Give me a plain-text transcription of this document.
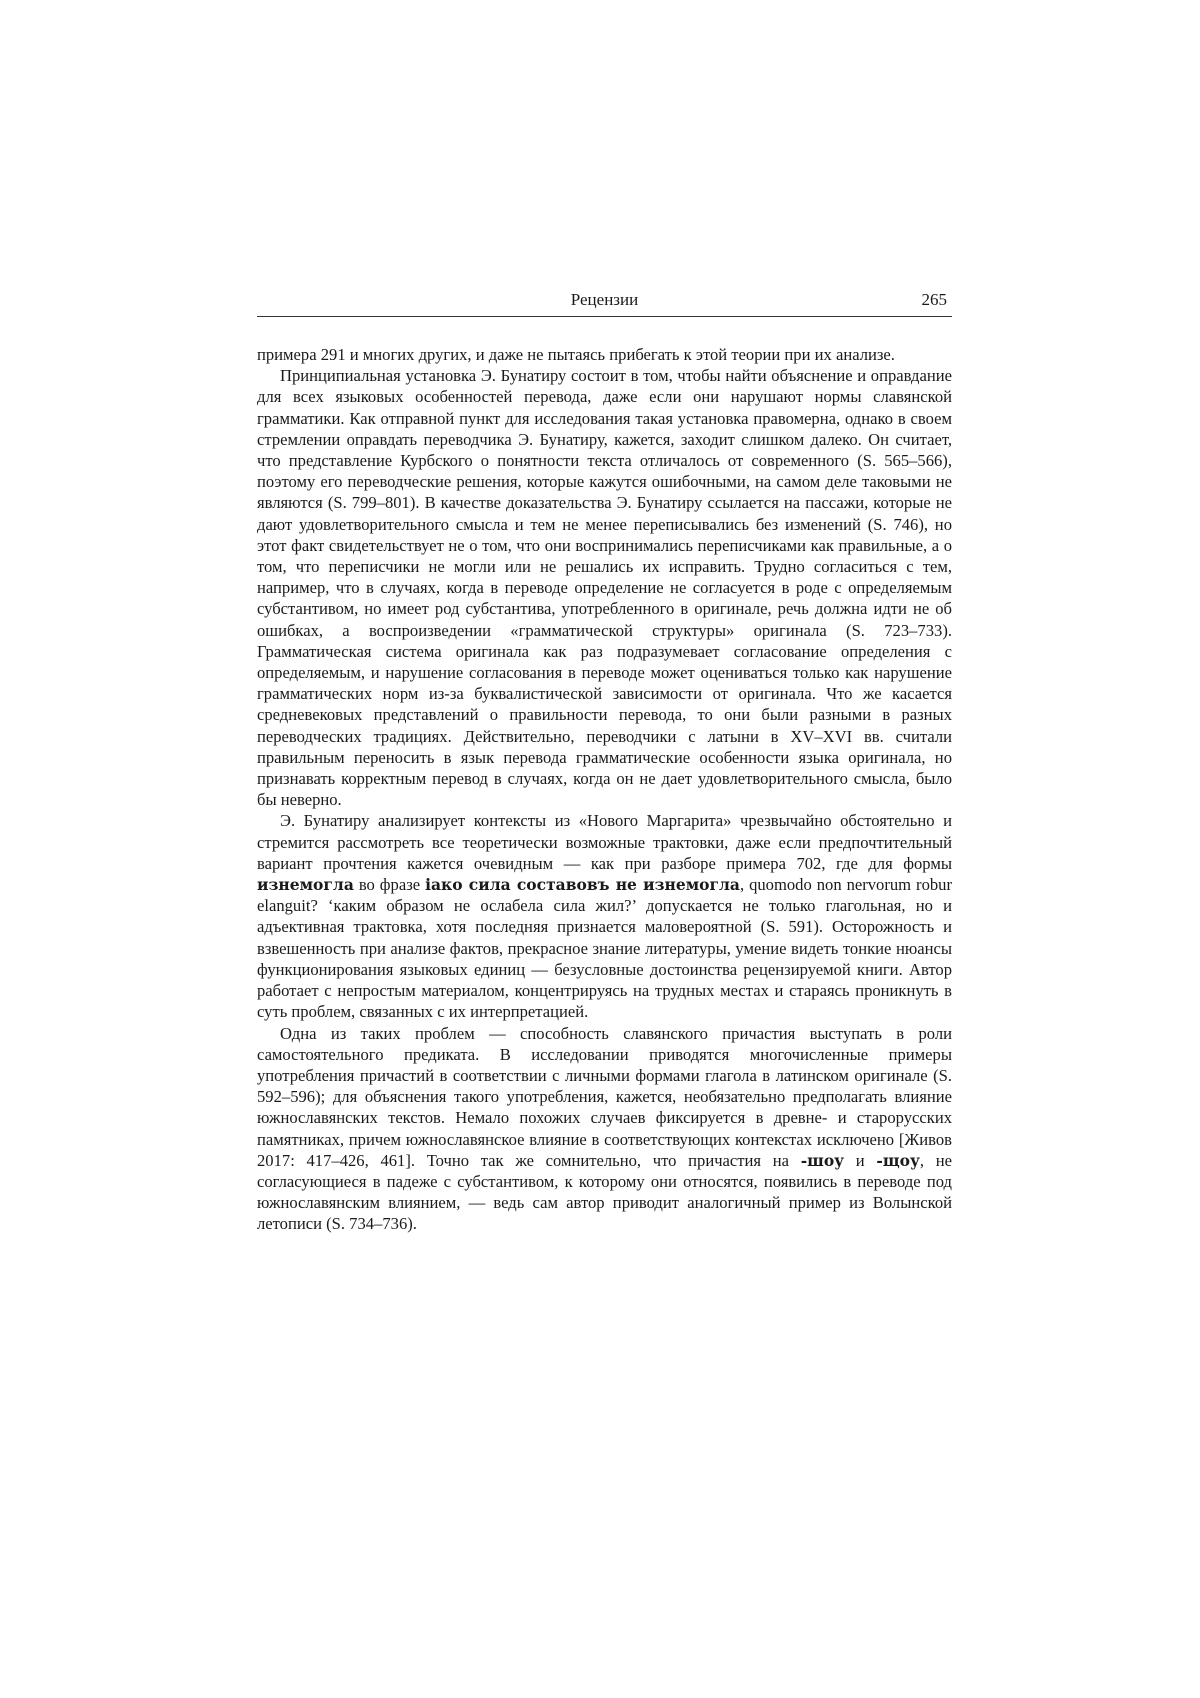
Рецензии	265

примера 291 и многих других, и даже не пытаясь прибегать к этой теории при их анализе.

Принципиальная установка Э. Бунатиру состоит в том, чтобы найти объяснение и оправдание для всех языковых особенностей перевода, даже если они нарушают нормы славянской грамматики. Как отправной пункт для исследования такая установка правомерна, однако в своем стремлении оправдать переводчика Э. Бунатиру, кажется, заходит слишком далеко. Он считает, что представление Курбского о понятности текста отличалось от современного (S. 565–566), поэтому его переводческие решения, которые кажутся ошибочными, на самом деле таковыми не являются (S. 799–801). В качестве доказательства Э. Бунатиру ссылается на пассажи, которые не дают удовлетворительного смысла и тем не менее переписывались без изменений (S. 746), но этот факт свидетельствует не о том, что они воспринимались переписчиками как правильные, а о том, что переписчики не могли или не решались их исправить. Трудно согласиться с тем, например, что в случаях, когда в переводе определение не согласуется в роде с определяемым субстантивом, но имеет род субстантива, употребленного в оригинале, речь должна идти не об ошибках, а воспроизведении «грамматической структуры» оригинала (S. 723–733). Грамматическая система оригинала как раз подразумевает согласование определения с определяемым, и нарушение согласования в переводе может оцениваться только как нарушение грамматических норм из-за буквалистической зависимости от оригинала. Что же касается средневековых представлений о правильности перевода, то они были разными в разных переводческих традициях. Действительно, переводчики с латыни в XV–XVI вв. считали правильным переносить в язык перевода грамматические особенности языка оригинала, но признавать корректным перевод в случаях, когда он не дает удовлетворительного смысла, было бы неверно.

Э. Бунатиру анализирует контексты из «Нового Маргарита» чрезвычайно обстоятельно и стремится рассмотреть все теоретически возможные трактовки, даже если предпочтительный вариант прочтения кажется очевидным — как при разборе примера 702, где для формы изнемогла во фразе іако сила составовъ не изнемогла, quomodo non nervorum robur elanguit? ‘каким образом не ослабела сила жил?’ допускается не только глагольная, но и адъективная трактовка, хотя последняя признается маловероятной (S. 591). Осторожность и взвешенность при анализе фактов, прекрасное знание литературы, умение видеть тонкие нюансы функционирования языковых единиц — безусловные достоинства рецензируемой книги. Автор работает с непростым материалом, концентрируясь на трудных местах и стараясь проникнуть в суть проблем, связанных с их интерпретацией.

Одна из таких проблем — способность славянского причастия выступать в роли самостоятельного предиката. В исследовании приводятся многочисленные примеры употребления причастий в соответствии с личными формами глагола в латинском оригинале (S. 592–596); для объяснения такого употребления, кажется, необязательно предполагать влияние южнославянских текстов. Немало похожих случаев фиксируется в древне- и старорусских памятниках, причем южнославянское влияние в соответствующих контекстах исключено [Живов 2017: 417–426, 461]. Точно так же сомнительно, что причастия на -шоу и -щоу, не согласующиеся в падеже с субстантивом, к которому они относятся, появились в переводе под южнославянским влиянием, — ведь сам автор приводит аналогичный пример из Волынской летописи (S. 734–736).
